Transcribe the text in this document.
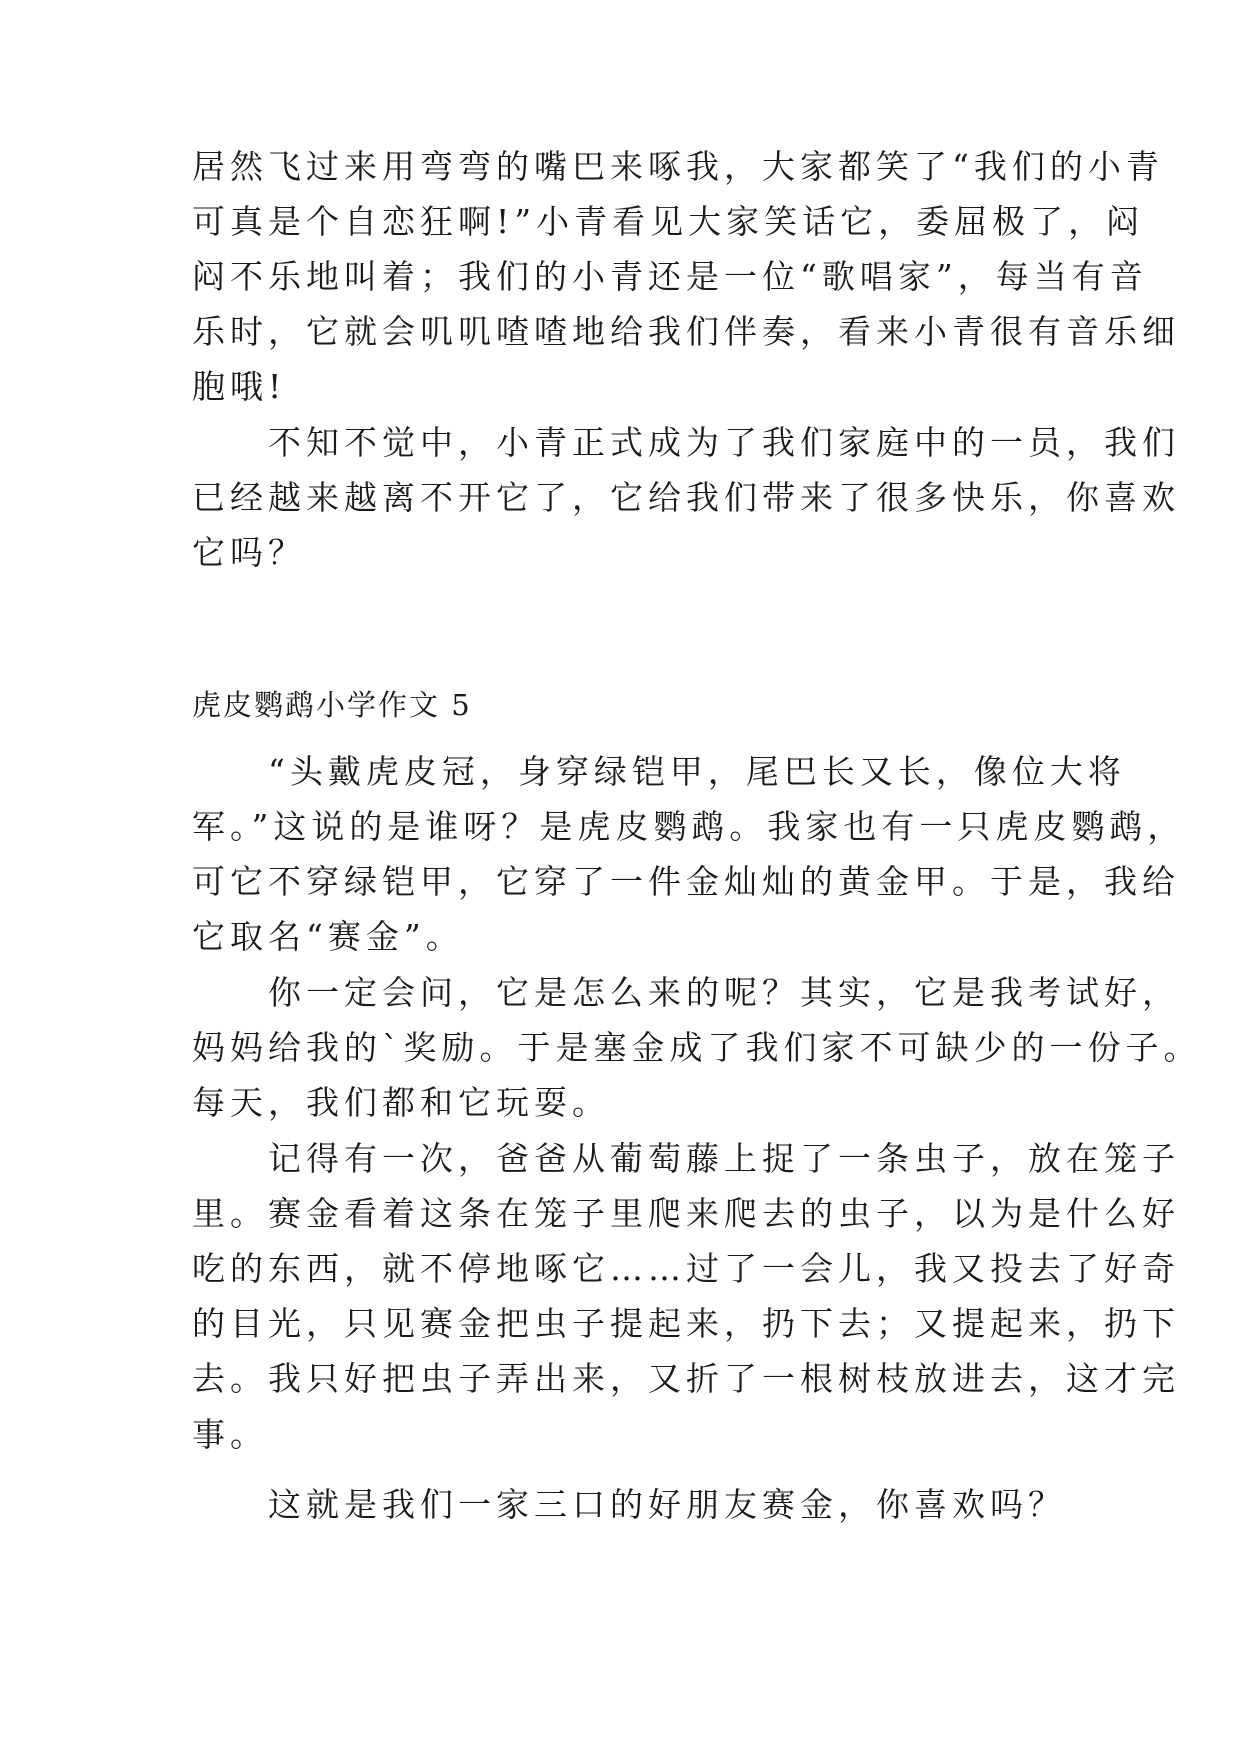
居然飞过来用弯弯的嘴巴来啄我，大家都笑了“我们的小青
可真是个自恋狂啊!”小青看见大家笑话它，委屈极了，闷
闷不乐地叫着；我们的小青还是一位“歌唱家”，每当有音
乐时，它就会叽叽喳喳地给我们伴奏，看来小青很有音乐细
胞哦!
　　不知不觉中，小青正式成为了我们家庭中的一员，我们
已经越来越离不开它了，它给我们带来了很多快乐，你喜欢
它吗？
虎皮鹦鹉小学作文 5
　　“头戴虎皮冠，身穿绿铠甲，尾巴长又长，像位大将
军。”这说的是谁呀？是虎皮鹦鹉。我家也有一只虎皮鹦鹉，
可它不穿绿铠甲，它穿了一件金灿灿的黄金甲。于是，我给
它取名“赛金”。
　　你一定会问，它是怎么来的呢？其实，它是我考试好，
妈妈给我的`奖励。于是塞金成了我们家不可缺少的一份子。
每天，我们都和它玩耍。
　　记得有一次，爸爸从葡萄藤上捉了一条虫子，放在笼子
里。赛金看着这条在笼子里爬来爬去的虫子，以为是什么好
吃的东西，就不停地啄它……过了一会儿，我又投去了好奇
的目光，只见赛金把虫子提起来，扔下去；又提起来，扔下
去。我只好把虫子弄出来，又折了一根树枝放进去，这才完
事。
　　这就是我们一家三口的好朋友赛金，你喜欢吗？
